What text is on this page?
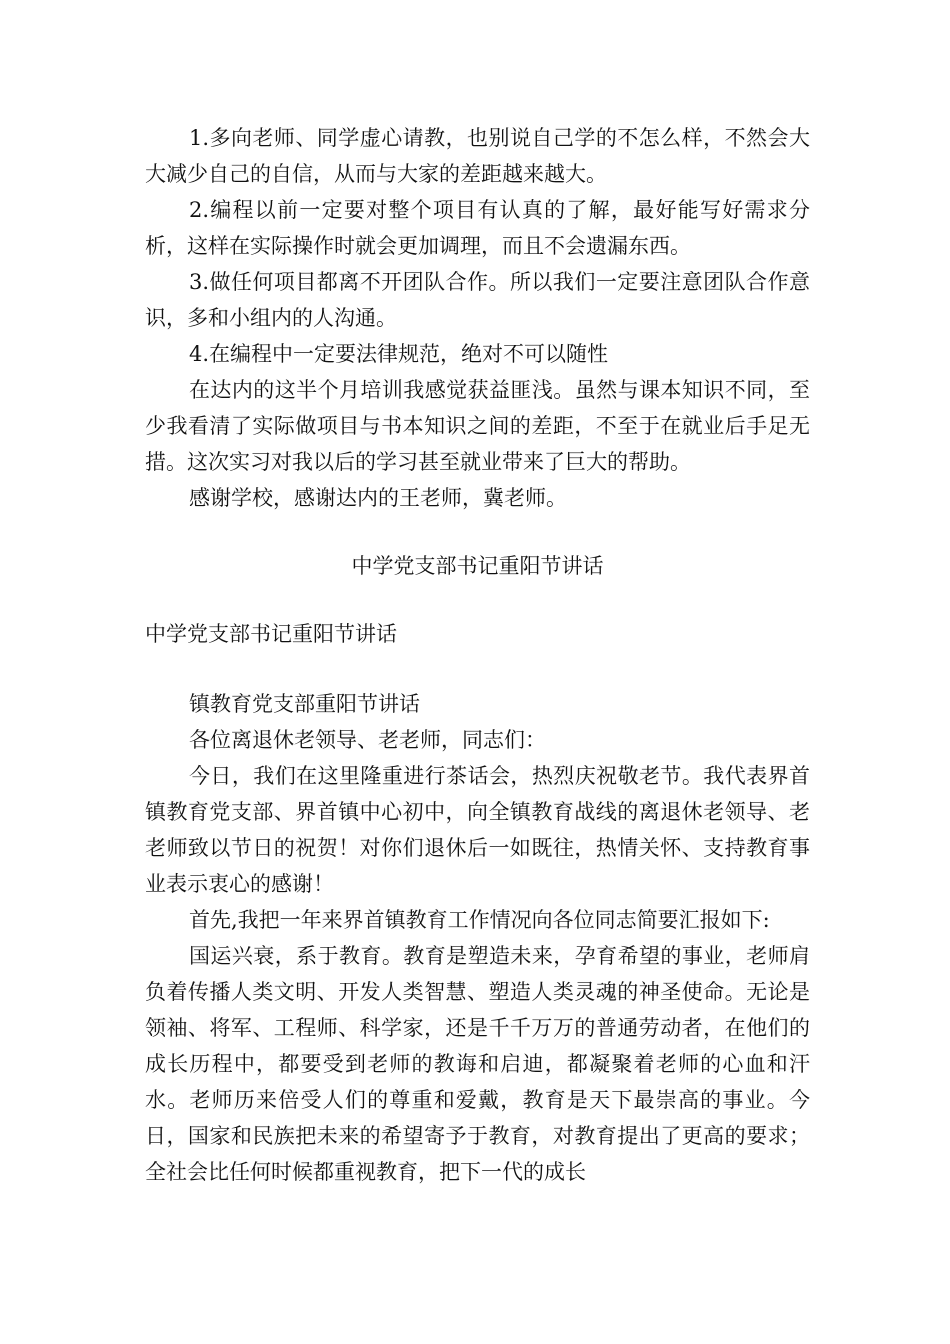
1.多向老师、同学虚心请教，也别说自己学的不怎么样，不然会大大减少自己的自信，从而与大家的差距越来越大。

2.编程以前一定要对整个项目有认真的了解，最好能写好需求分析，这样在实际操作时就会更加调理，而且不会遗漏东西。

3.做任何项目都离不开团队合作。所以我们一定要注意团队合作意识，多和小组内的人沟通。

4.在编程中一定要法律规范，绝对不可以随性

在达内的这半个月培训我感觉获益匪浅。虽然与课本知识不同，至少我看清了实际做项目与书本知识之间的差距，不至于在就业后手足无措。这次实习对我以后的学习甚至就业带来了巨大的帮助。

感谢学校，感谢达内的王老师，冀老师。

中学党支部书记重阳节讲话

中学党支部书记重阳节讲话

镇教育党支部重阳节讲话

各位离退休老领导、老老师，同志们：

今日，我们在这里隆重进行茶话会，热烈庆祝敬老节。我代表界首镇教育党支部、界首镇中心初中，向全镇教育战线的离退休老领导、老老师致以节日的祝贺！对你们退休后一如既往，热情关怀、支持教育事业表示衷心的感谢！

首先,我把一年来界首镇教育工作情况向各位同志简要汇报如下:

国运兴衰，系于教育。教育是塑造未来，孕育希望的事业，老师肩负着传播人类文明、开发人类智慧、塑造人类灵魂的神圣使命。无论是领袖、将军、工程师、科学家，还是千千万万的普通劳动者，在他们的成长历程中，都要受到老师的教诲和启迪，都凝聚着老师的心血和汗水。老师历来倍受人们的尊重和爱戴，教育是天下最崇高的事业。今日，国家和民族把未来的希望寄予于教育，对教育提出了更高的要求；全社会比任何时候都重视教育，把下一代的成长
